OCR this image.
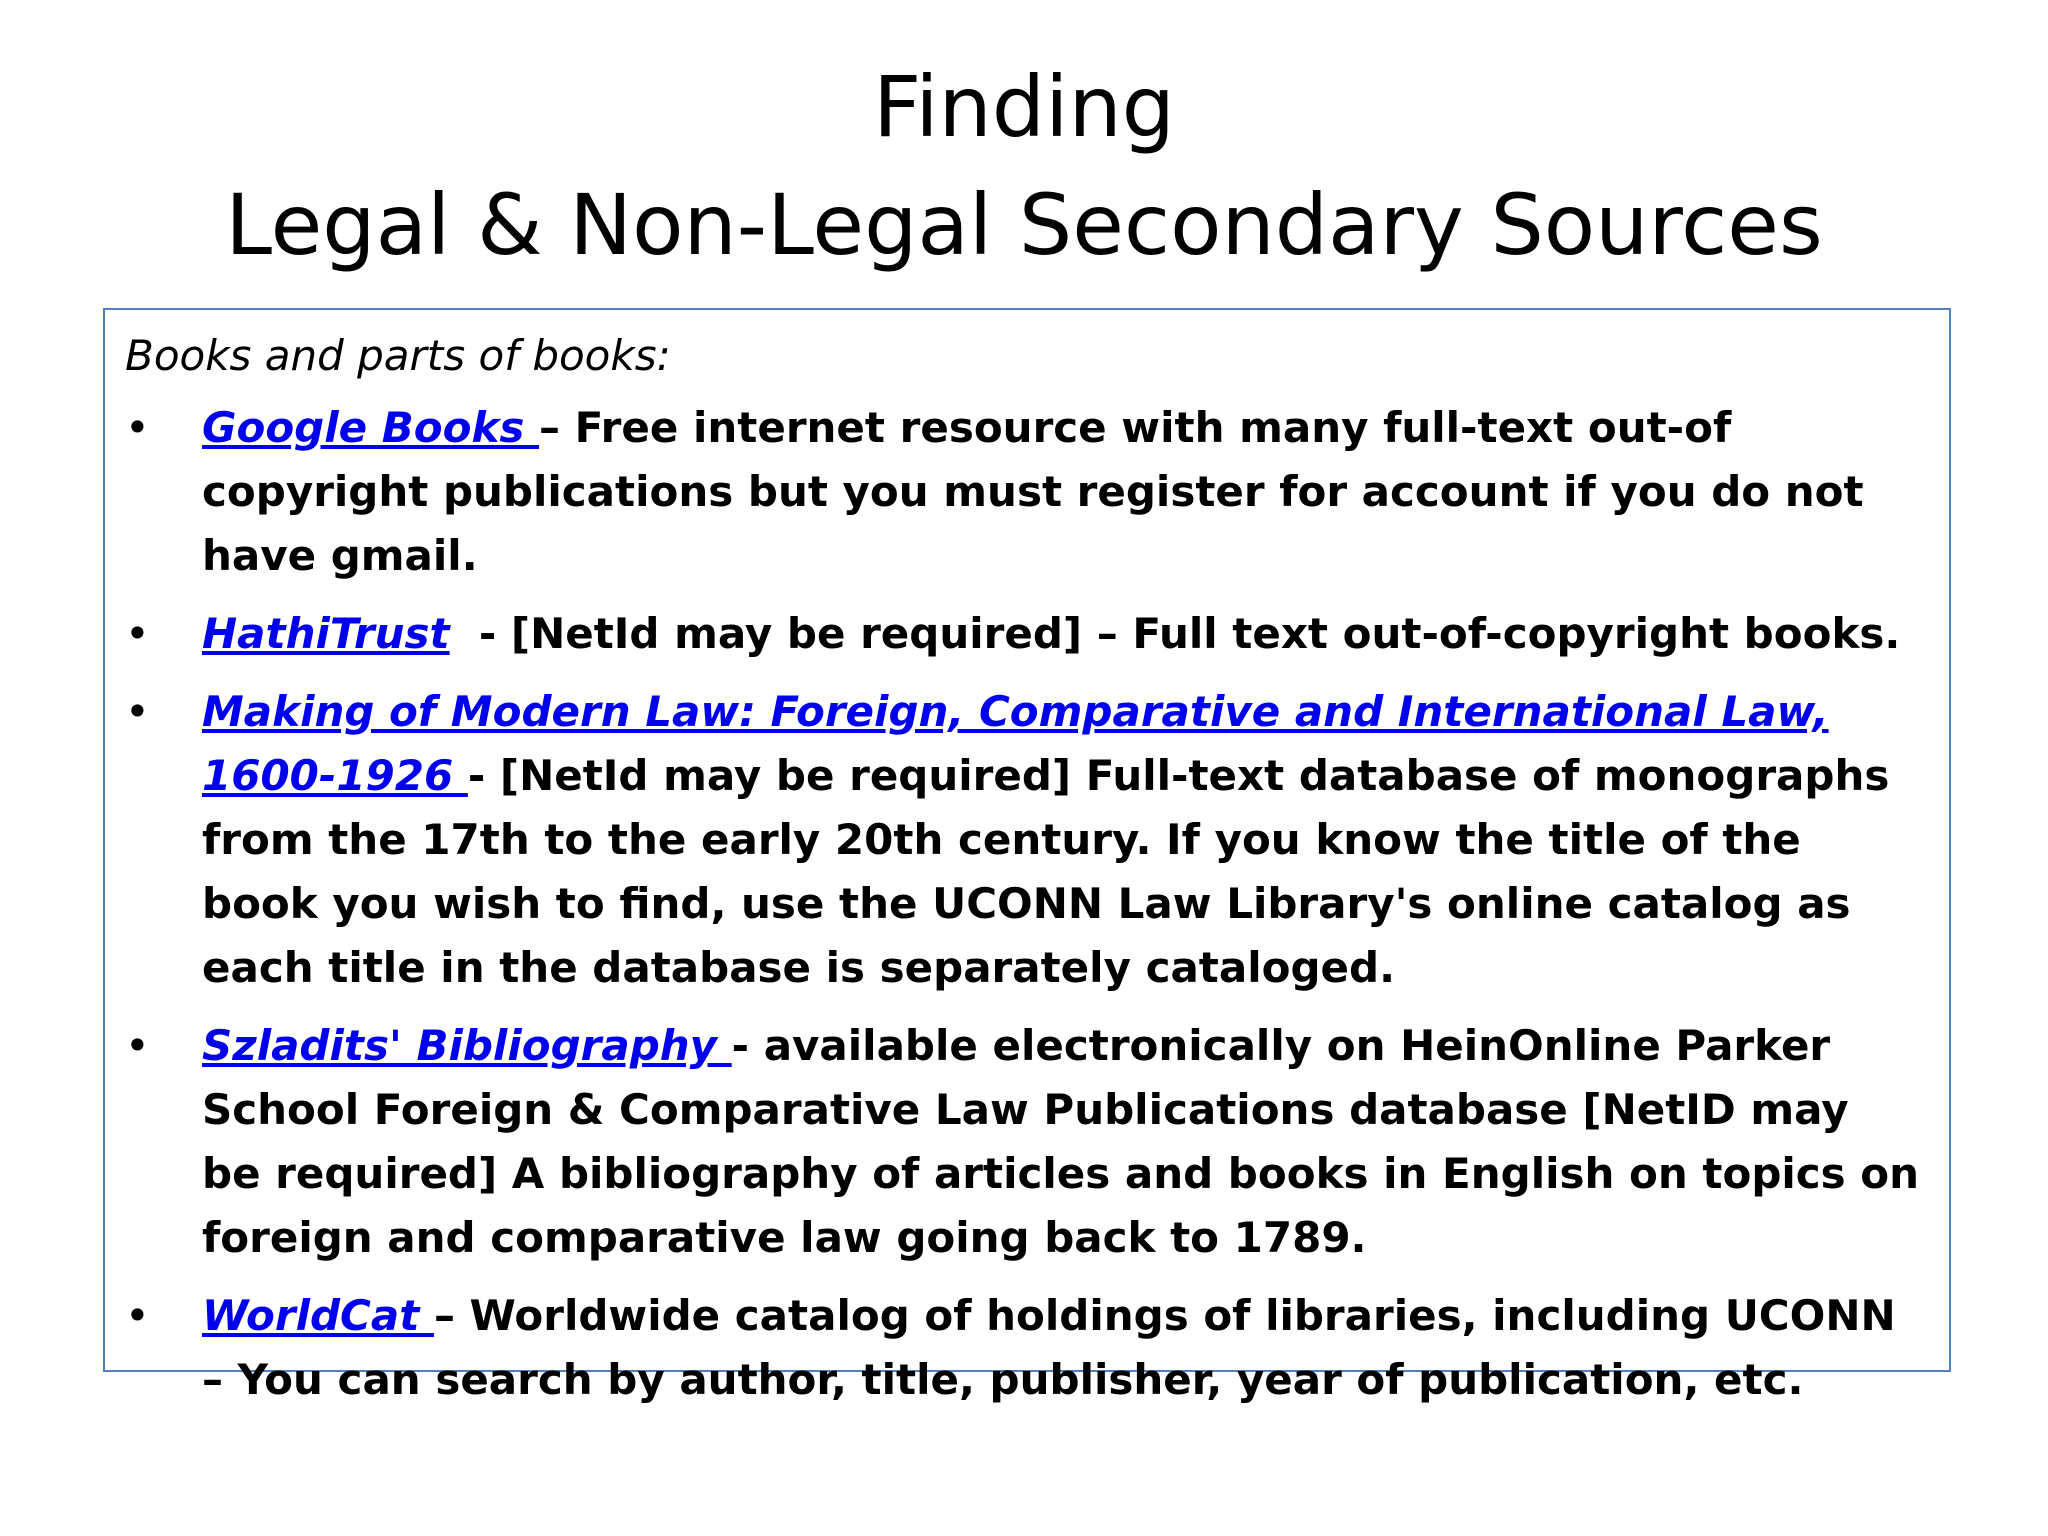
Finding
Legal & Non-Legal Secondary Sources

Books and parts of books:

•	Google Books – Free internet resource with many full-text out-of copyright publications but you must register for account if you do not have gmail.
•	HathiTrust  - [NetId may be required] – Full text out-of-copyright books.
•	Making of Modern Law: Foreign, Comparative and International Law, 1600-1926 - [NetId may be required] Full-text database of monographs from the 17th to the early 20th century. If you know the title of the book you wish to find, use the UCONN Law Library's online catalog as each title in the database is separately cataloged.
•	Szladits' Bibliography - available electronically on HeinOnline Parker School Foreign & Comparative Law Publications database [NetID may be required] A bibliography of articles and books in English on topics on foreign and comparative law going back to 1789.
•	WorldCat – Worldwide catalog of holdings of libraries, including UCONN – You can search by author, title, publisher, year of publication, etc.
